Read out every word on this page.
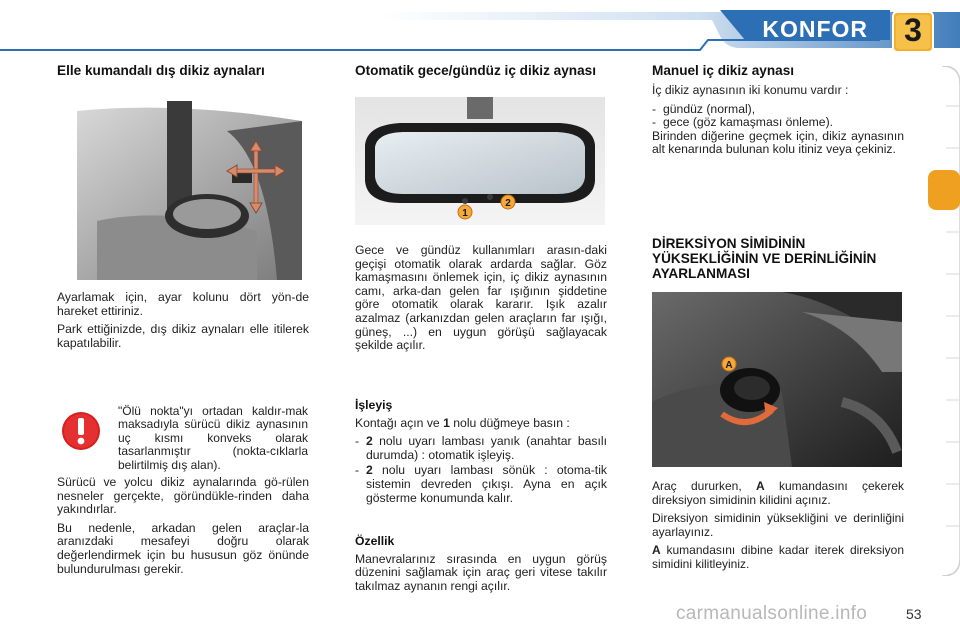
KONFOR	3
Elle kumandalı dış dikiz aynaları

Ayarlamak için, ayar kolunu dört yön-de hareket ettiriniz.

Park ettiğinizde, dış dikiz aynaları elle itilerek kapatılabilir.

"Ölü nokta"yı ortadan kaldır-mak maksadıyla sürücü dikiz aynasının uç kısmı konveks olarak tasarlanmıştır (nokta-cıklarla belirtilmiş dış alan).

Sürücü ve yolcu dikiz aynalarında gö-rülen nesneler gerçekte, göründükle-rinden daha yakındırlar.

Bu nedenle, arkadan gelen araçlar-la aranızdaki mesafeyi doğru olarak değerlendirmek için bu hususun göz önünde bulundurulması gerekir.

Otomatik gece/gündüz iç dikiz aynası
1
2

Gece ve gündüz kullanımları arasın-daki geçişi otomatik olarak ardarda sağlar. Göz kamaşmasını önlemek için, iç dikiz aynasının camı, arka-dan gelen far ışığının şiddetine göre otomatik olarak kararır. Işık azalır azalmaz (arkanızdan gelen araçların far ışığı, güneş, ...) en uygun görüşü sağlayacak şekilde açılır.

İşleyiş

Kontağı açın ve 1 nolu düğmeye basın :

- 2 nolu uyarı lambası yanık (anahtar basılı durumda) : otomatik işleyiş.
- 2 nolu uyarı lambası sönük : otoma-tik sistemin devreden çıkışı. Ayna en açık gösterme konumunda kalır.
Özellik

Manevralarınız sırasında en uygun görüş düzenini sağlamak için araç geri vitese takılır takılmaz aynanın rengi açılır.

Manuel iç dikiz aynası

İç dikiz aynasının iki konumu vardır :

- gündüz (normal),
- gece (göz kamaşması önleme).

Birinden diğerine geçmek için, dikiz aynasının alt kenarında bulunan kolu itiniz veya çekiniz.

DİREKSİYON SİMİDİNİN YÜKSEKLİĞİNİN VE DERİNLİĞİNİN AYARLANMASI
A

Araç dururken, A kumandasını çekerek direksiyon simidinin kilidini açınız.

Direksiyon simidinin yüksekliğini ve derinliğini ayarlayınız.

A kumandasını dibine kadar iterek direksiyon simidini kilitleyiniz.

carmanualsonline.info	53
